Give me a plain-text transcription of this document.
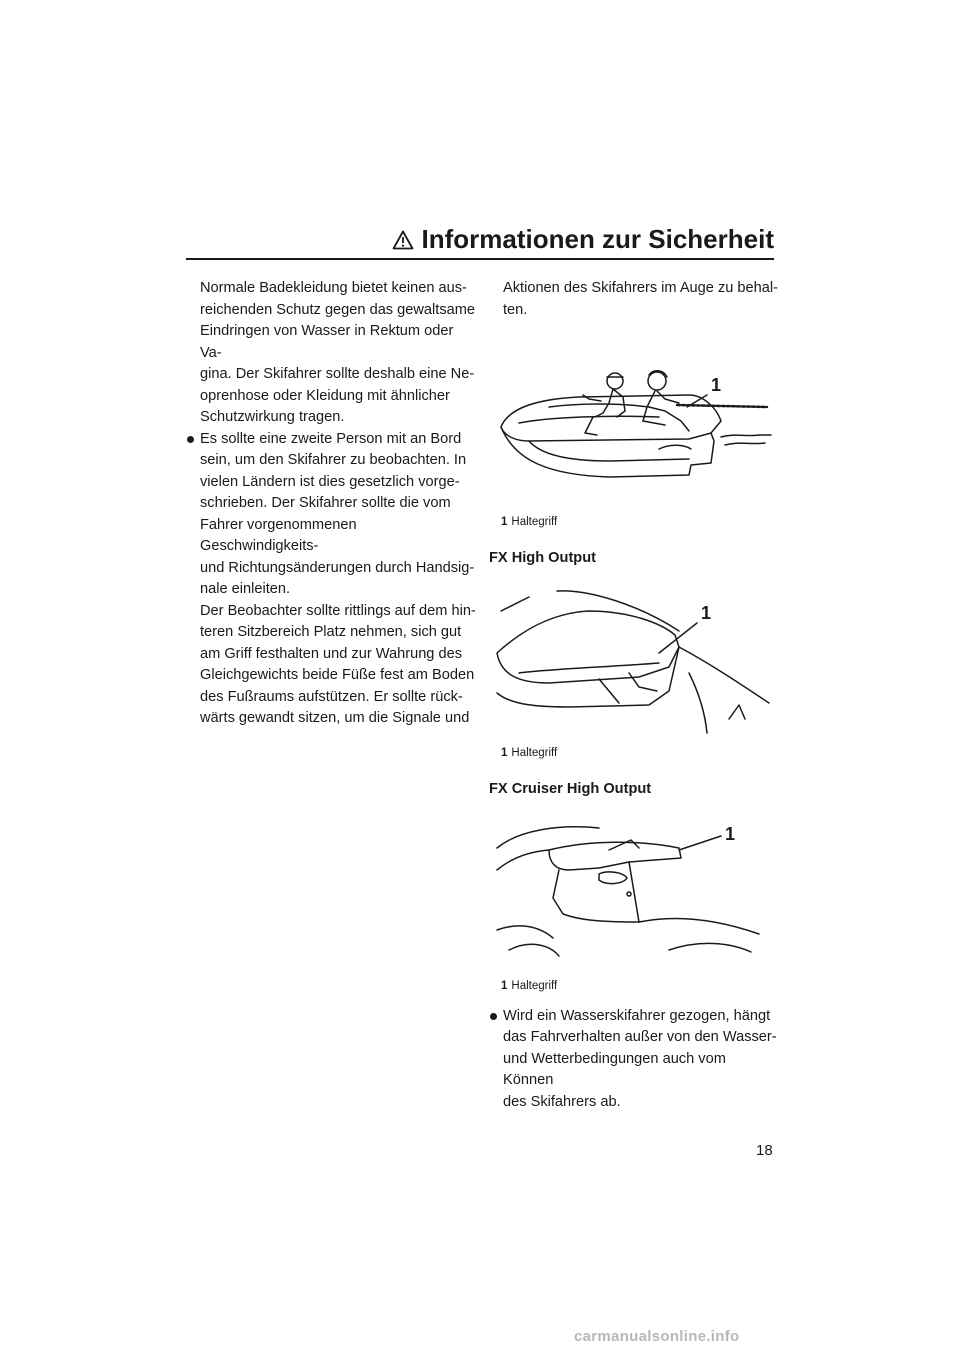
Informationen zur Sicherheit

Normale Badekleidung bietet keinen aus-
reichenden Schutz gegen das gewaltsame
Eindringen von Wasser in Rektum oder Va-
gina. Der Skifahrer sollte deshalb eine Ne-
oprenhose oder Kleidung mit ähnlicher
Schutzwirkung tragen.

Es sollte eine zweite Person mit an Bord
sein, um den Skifahrer zu beobachten. In
vielen Ländern ist dies gesetzlich vorge-
schrieben. Der Skifahrer sollte die vom
Fahrer vorgenommenen Geschwindigkeits-
und Richtungsänderungen durch Handsig-
nale einleiten.
Der Beobachter sollte rittlings auf dem hin-
teren Sitzbereich Platz nehmen, sich gut
am Griff festhalten und zur Wahrung des
Gleichgewichts beide Füße fest am Boden
des Fußraums aufstützen. Er sollte rück-
wärts gewandt sitzen, um die Signale und

Aktionen des Skifahrers im Auge zu behal-
ten.

1
1 Haltegriff

FX High Output

1
1 Haltegriff

FX Cruiser High Output

1
1 Haltegriff
Wird ein Wasserskifahrer gezogen, hängt
das Fahrverhalten außer von den Wasser-
und Wetterbedingungen auch vom Können
des Skifahrers ab.
18
carmanualsonline.info
